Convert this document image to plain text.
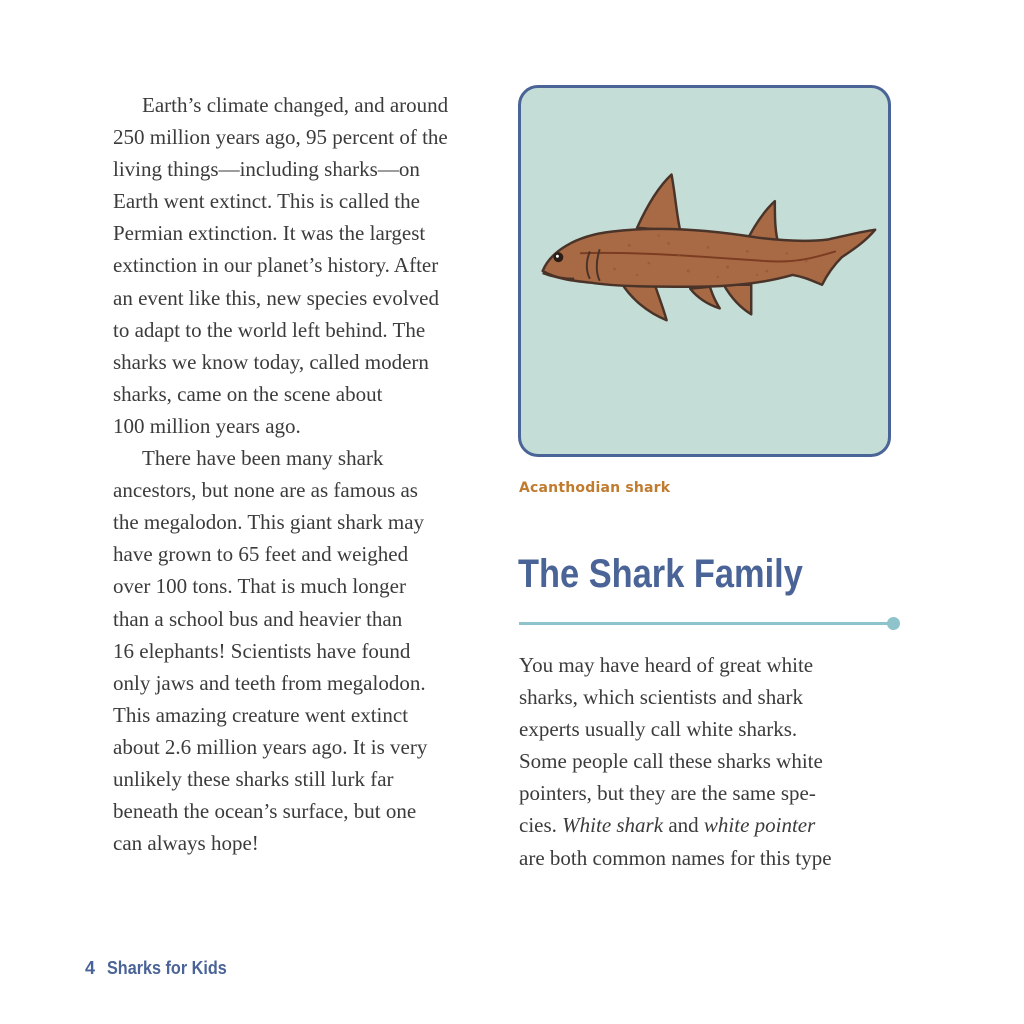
Earth’s climate changed, and around

250 million years ago, 95 percent of the

living things—including sharks—on

Earth went extinct. This is called the

Permian extinction. It was the largest

extinction in our planet’s history. After

an event like this, new species evolved

to adapt to the world left behind. The

sharks we know today, called modern

sharks, came on the scene about

100 million years ago.

There have been many shark

ancestors, but none are as famous as

the megalodon. This giant shark may

have grown to 65 feet and weighed

over 100 tons. That is much longer

than a school bus and heavier than

16 elephants! Scientists have found

only jaws and teeth from megalodon.

This amazing creature went extinct

about 2.6 million years ago. It is very

unlikely these sharks still lurk far

beneath the ocean’s surface, but one

can always hope!

Acanthodian shark
The Shark Family

You may have heard of great white

sharks, which scientists and shark

experts usually call white sharks.

Some people call these sharks white

pointers, but they are the same spe-

cies. White shark and white pointer

are both common names for this type

4 Sharks for Kids
